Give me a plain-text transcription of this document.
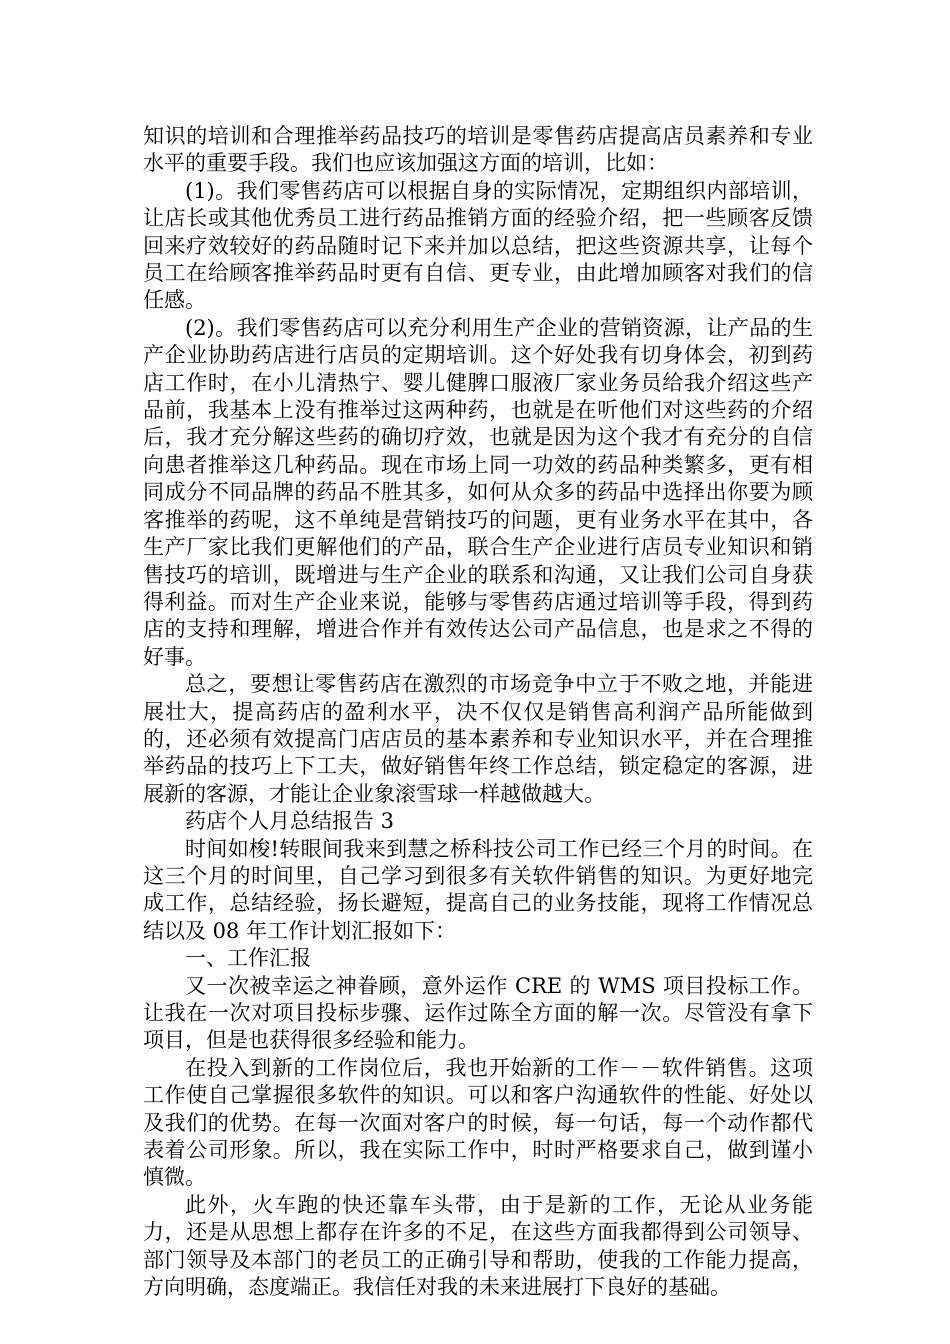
知识的培训和合理推举药品技巧的培训是零售药店提高店员素养和专业水平的重要手段。我们也应该加强这方面的培训，比如：

(1)。我们零售药店可以根据自身的实际情况，定期组织内部培训，让店长或其他优秀员工进行药品推销方面的经验介绍，把一些顾客反馈回来疗效较好的药品随时记下来并加以总结，把这些资源共享，让每个员工在给顾客推举药品时更有自信、更专业，由此增加顾客对我们的信任感。

(2)。我们零售药店可以充分利用生产企业的营销资源，让产品的生产企业协助药店进行店员的定期培训。这个好处我有切身体会，初到药店工作时，在小儿清热宁、婴儿健脾口服液厂家业务员给我介绍这些产品前，我基本上没有推举过这两种药，也就是在听他们对这些药的介绍后，我才充分解这些药的确切疗效，也就是因为这个我才有充分的自信向患者推举这几种药品。现在市场上同一功效的药品种类繁多，更有相同成分不同品牌的药品不胜其多，如何从众多的药品中选择出你要为顾客推举的药呢，这不单纯是营销技巧的问题，更有业务水平在其中，各生产厂家比我们更解他们的产品，联合生产企业进行店员专业知识和销售技巧的培训，既增进与生产企业的联系和沟通，又让我们公司自身获得利益。而对生产企业来说，能够与零售药店通过培训等手段，得到药店的支持和理解，增进合作并有效传达公司产品信息，也是求之不得的好事。

总之，要想让零售药店在激烈的市场竞争中立于不败之地，并能进展壮大，提高药店的盈利水平，决不仅仅是销售高利润产品所能做到的，还必须有效提高门店店员的基本素养和专业知识水平，并在合理推举药品的技巧上下工夫，做好销售年终工作总结，锁定稳定的客源，进展新的客源，才能让企业象滚雪球一样越做越大。

药店个人月总结报告 3

时间如梭!转眼间我来到慧之桥科技公司工作已经三个月的时间。在这三个月的时间里，自己学习到很多有关软件销售的知识。为更好地完成工作，总结经验，扬长避短，提高自己的业务技能，现将工作情况总结以及 08 年工作计划汇报如下：

一、工作汇报

又一次被幸运之神眷顾，意外运作 CRE 的 WMS 项目投标工作。让我在一次对项目投标步骤、运作过陈全方面的解一次。尽管没有拿下项目，但是也获得很多经验和能力。

在投入到新的工作岗位后，我也开始新的工作－－软件销售。这项工作使自己掌握很多软件的知识。可以和客户沟通软件的性能、好处以及我们的优势。在每一次面对客户的时候，每一句话，每一个动作都代表着公司形象。所以，我在实际工作中，时时严格要求自己，做到谨小慎微。

此外，火车跑的快还靠车头带，由于是新的工作，无论从业务能力，还是从思想上都存在许多的不足，在这些方面我都得到公司领导、部门领导及本部门的老员工的正确引导和帮助，使我的工作能力提高，方向明确，态度端正。我信任对我的未来进展打下良好的基础。
